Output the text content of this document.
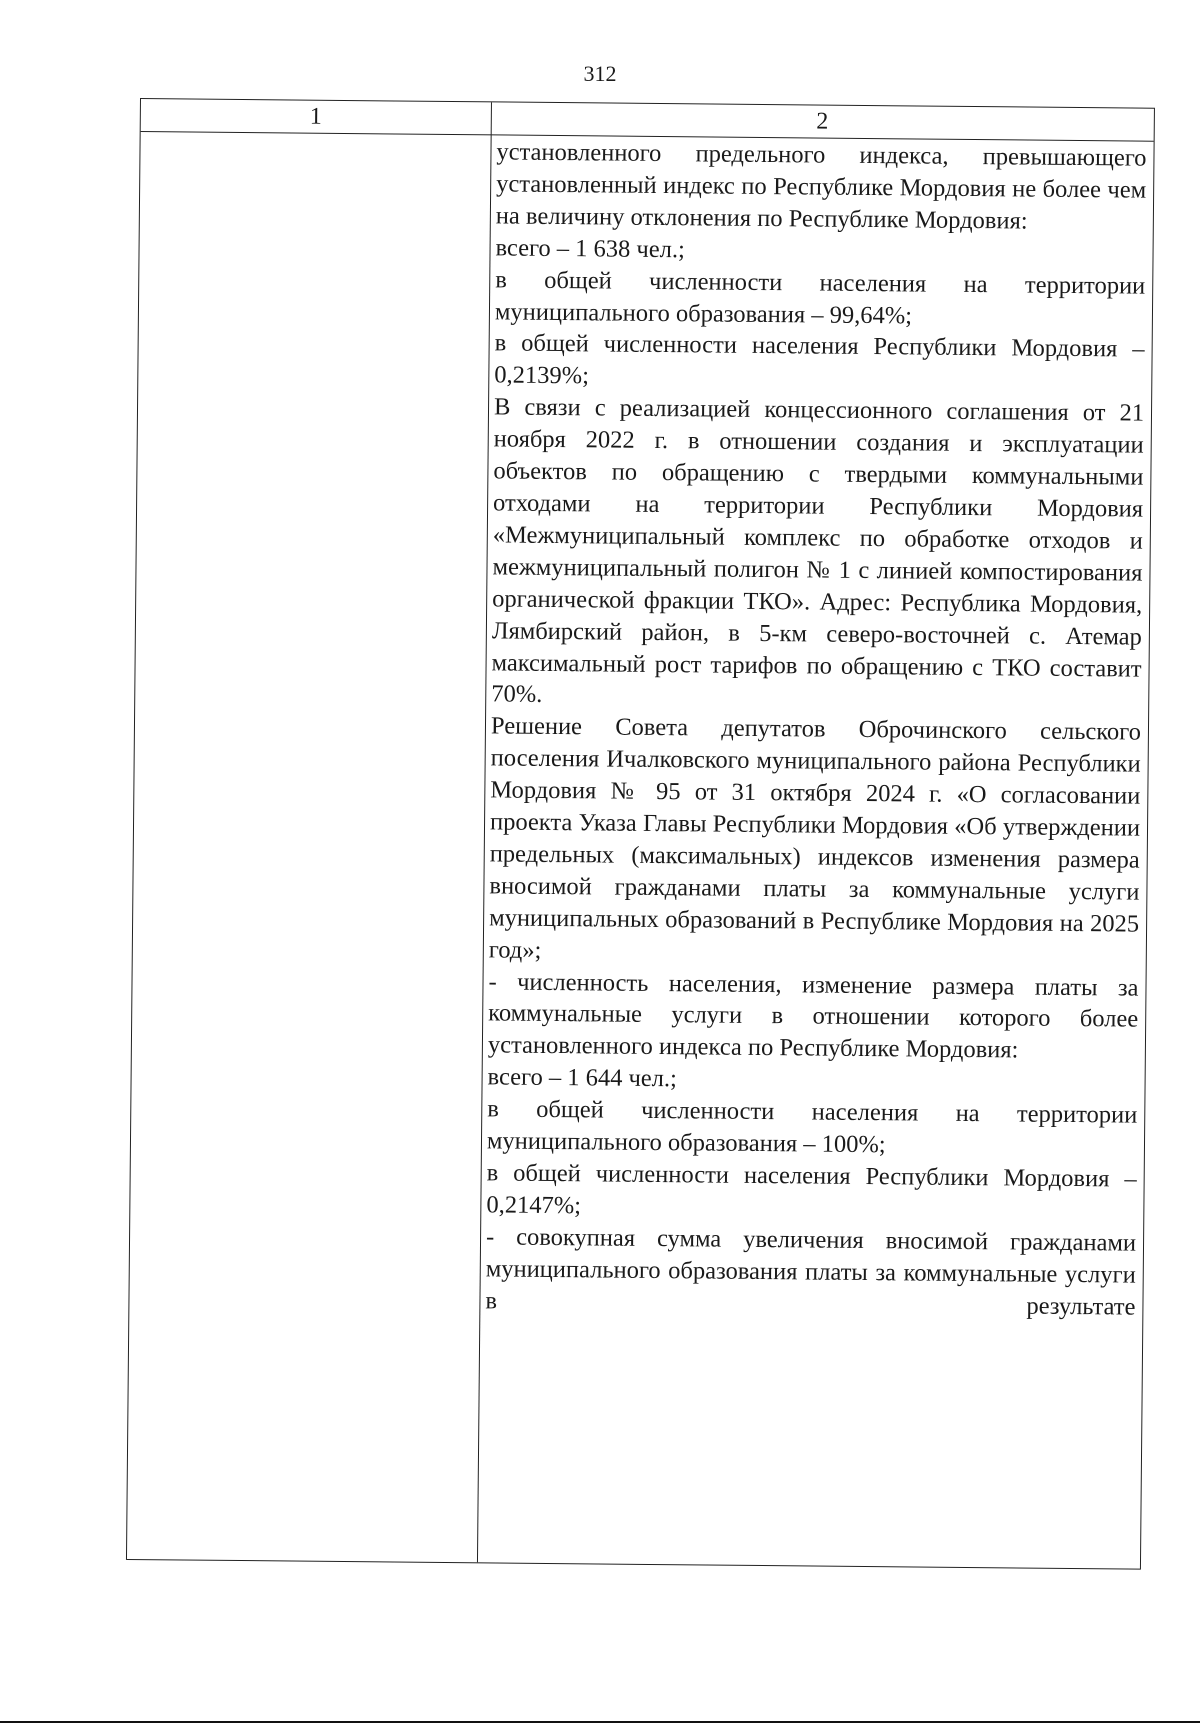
312
1	2

установленного предельного индекса, превышающего установленный индекс по Республике Мордовия не более чем на величину отклонения по Республике Мордовия:

всего – 1 638 чел.;

в общей численности населения на территории муниципального образования – 99,64%;

в общей численности населения Республики Мордовия – 0,2139%;

В связи с реализацией концессионного соглашения от 21 ноября 2022 г. в отношении создания и эксплуатации объектов по обращению с твердыми коммунальными отходами на территории Республики Мордовия «Межмуниципальный комплекс по обработке отходов и межмуниципальный полигон № 1 с линией компостирования органической фракции ТКО». Адрес: Республика Мордовия, Лямбирский район, в 5-км северо-восточней с. Атемар максимальный рост тарифов по обращению с ТКО составит 70%.

Решение Совета депутатов Оброчинского сельского поселения Ичалковского муниципального района Республики Мордовия № 95 от 31 октября 2024 г. «О согласовании проекта Указа Главы Республики Мордовия «Об утверждении предельных (максимальных) индексов изменения размера вносимой гражданами платы за коммунальные услуги муниципальных образований в Республике Мордовия на 2025 год»;

- численность населения, изменение размера платы за коммунальные услуги в отношении которого более установленного индекса по Республике Мордовия:

всего – 1 644 чел.;

в общей численности населения на территории муниципального образования – 100%;

в общей численности населения Республики Мордовия – 0,2147%;

- совокупная сумма увеличения вносимой гражданами муниципального образования платы за коммунальные услуги в результате
